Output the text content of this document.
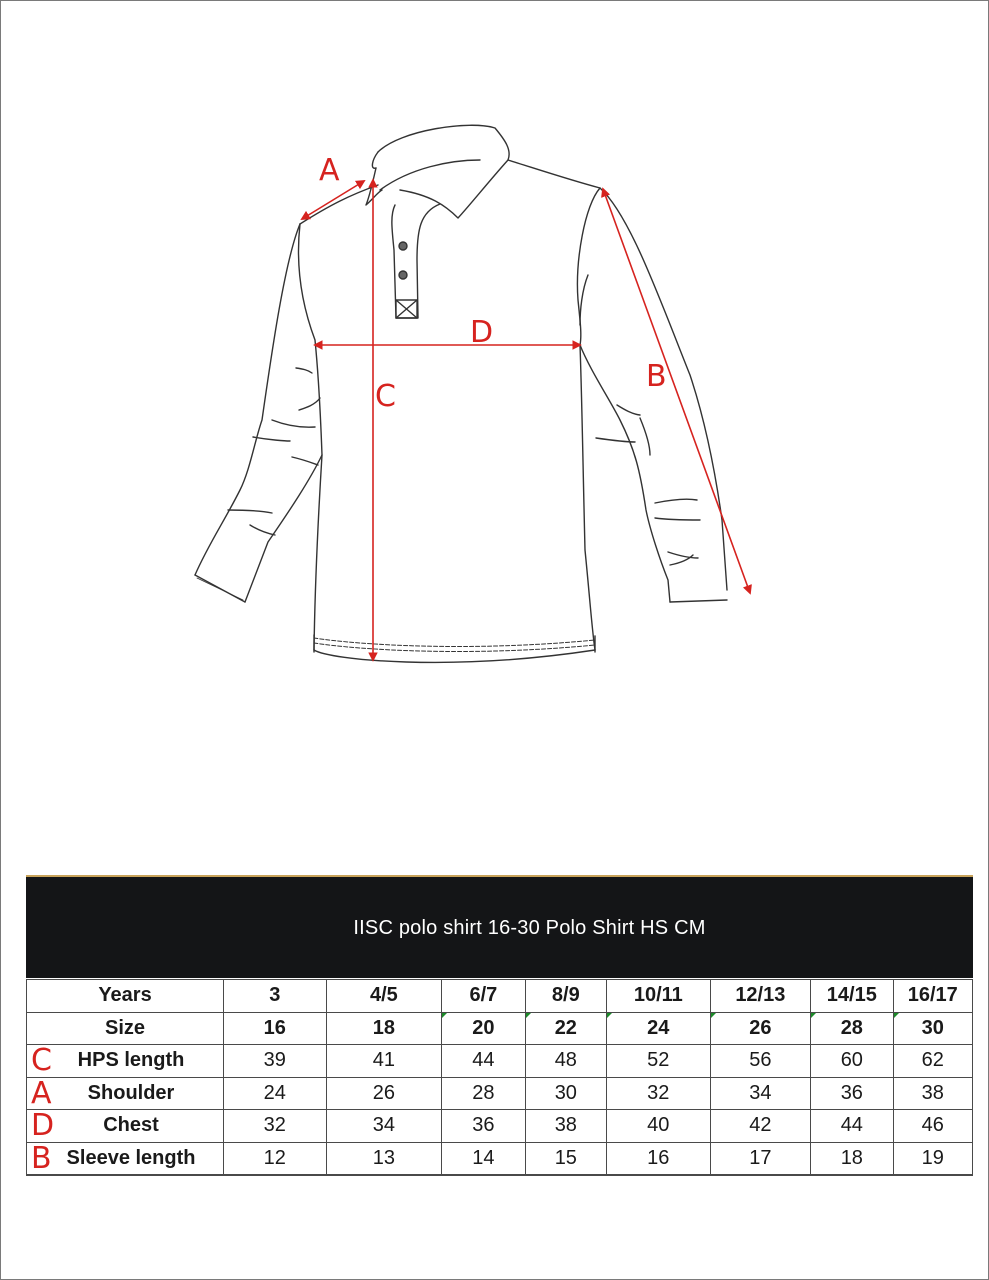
A
C
D
B
IISC polo shirt 16-30 Polo Shirt HS CM
Years	3	4/5	6/7	8/9	10/11	12/13	14/15	16/17
Size	16	18	20	22	24	26	28	30

C HPS length	39	41	44	48	52	56	60	62

A Shoulder	24	26	28	30	32	34	36	38

D Chest	32	34	36	38	40	42	44	46

B Sleeve length	12	13	14	15	16	17	18	19
